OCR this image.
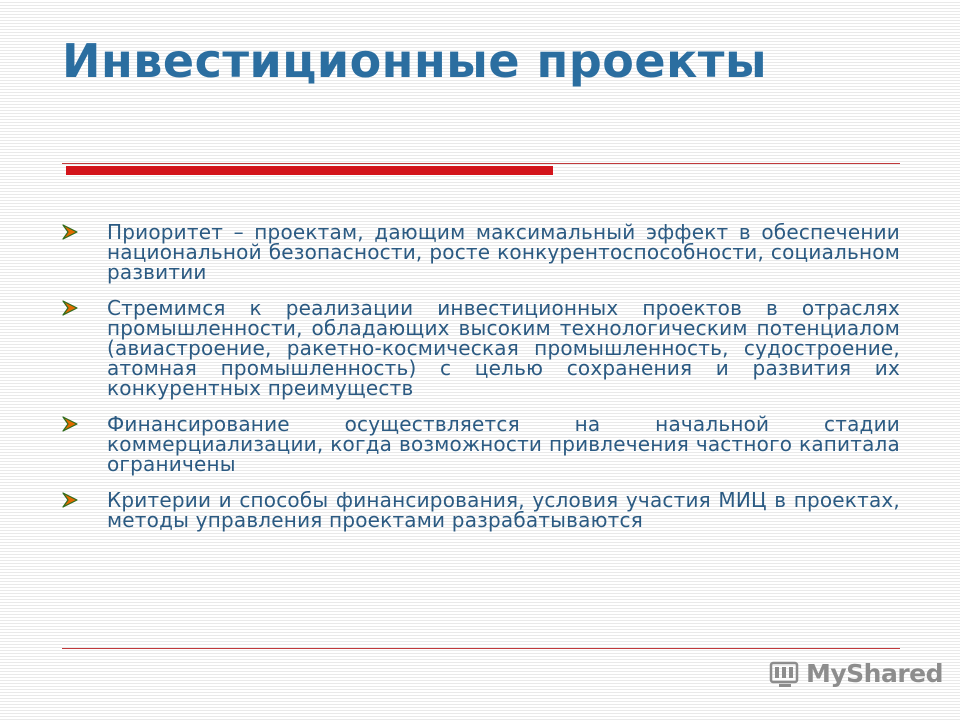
Инвестиционные проекты
Приоритет – проектам, дающим максимальный эффект в обеспечении национальной безопасности, росте конкурентоспособности, социальном развитии
Стремимся к реализации инвестиционных проектов в отраслях промышленности, обладающих высоким технологическим потенциалом (авиастроение, ракетно-космическая промышленность, судостроение, атомная промышленность) с целью сохранения и развития их конкурентных преимуществ
Финансирование осуществляется на начальной стадии коммерциализации, когда возможности привлечения частного капитала ограничены
Критерии и способы финансирования, условия участия МИЦ в проектах, методы управления проектами разрабатываются
MyShared
